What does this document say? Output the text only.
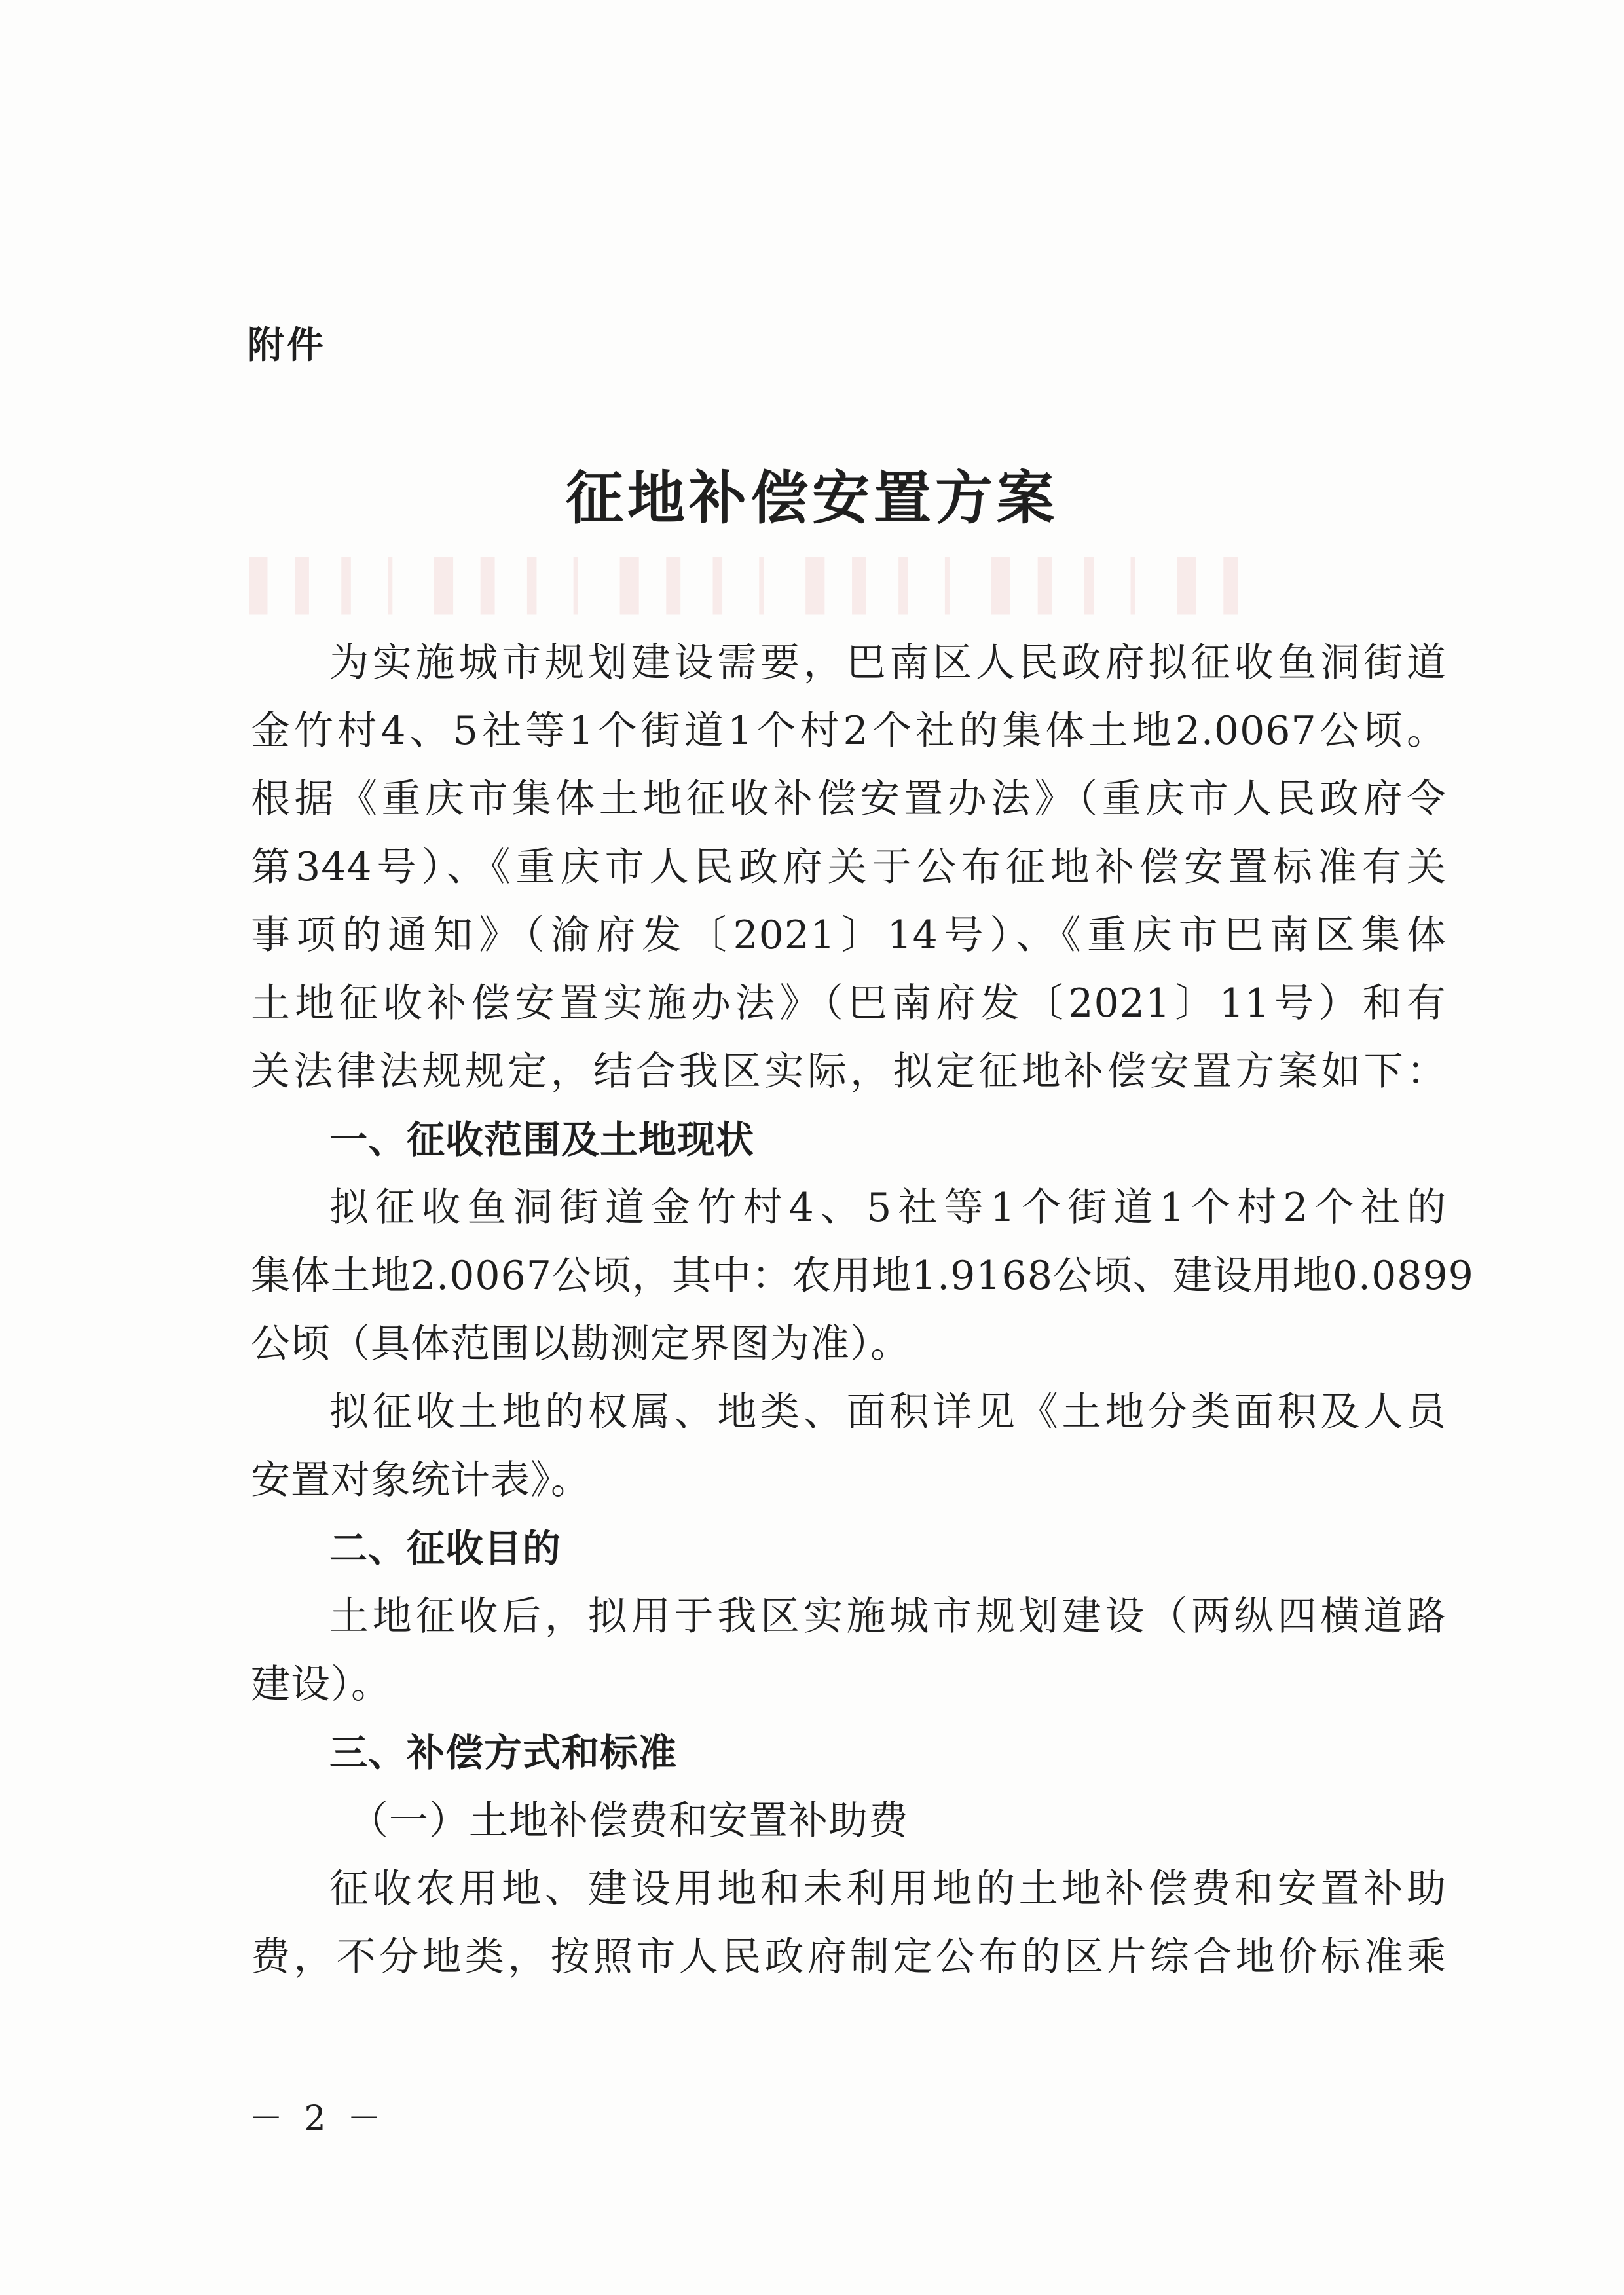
▌▍▎▏▌▍▎▏▌▍▎▏▌▍▎▏▌▍▎▏▌▍
附件
征地补偿安置方案
为实施城市规划建设需要，巴南区人民政府拟征收鱼洞街道
金竹村4、5社等1个街道1个村2个社的集体土地2.0067公顷。
根据《重庆市集体土地征收补偿安置办法》（重庆市人民政府令
第344号）、《重庆市人民政府关于公布征地补偿安置标准有关
事项的通知》（渝府发〔2021〕14号）、《重庆市巴南区集体
土地征收补偿安置实施办法》（巴南府发〔2021〕11号）和有
关法律法规规定，结合我区实际，拟定征地补偿安置方案如下：
一、征收范围及土地现状
拟征收鱼洞街道金竹村4、5社等1个街道1个村2个社的
集体土地2.0067公顷，其中：农用地1.9168公顷、建设用地0.0899
公顷（具体范围以勘测定界图为准）。
拟征收土地的权属、地类、面积详见《土地分类面积及人员
安置对象统计表》。
二、征收目的
土地征收后，拟用于我区实施城市规划建设（两纵四横道路
建设）。
三、补偿方式和标准
（一）土地补偿费和安置补助费
征收农用地、建设用地和未利用地的土地补偿费和安置补助
费，不分地类，按照市人民政府制定公布的区片综合地价标准乘
－ 2 －
